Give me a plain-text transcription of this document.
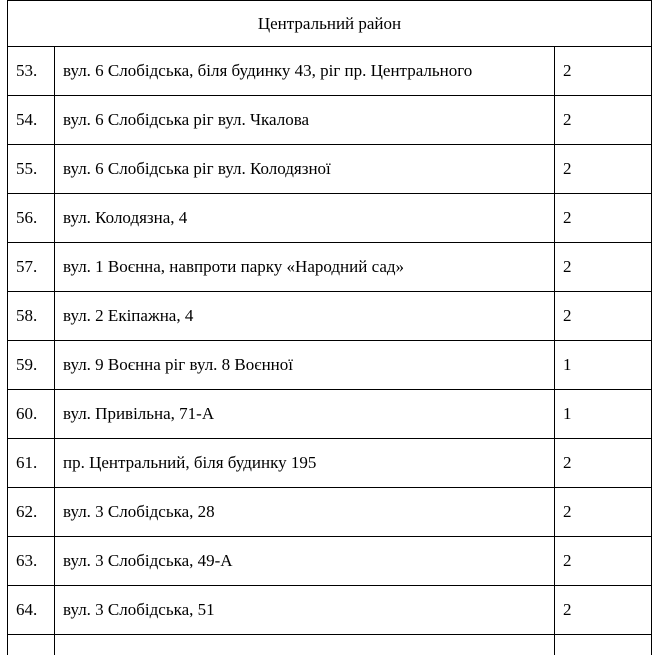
Центральний район		
53.	вул. 6 Слобідська, біля будинку 43, ріг пр. Центрального	2
54.	вул. 6 Слобідська ріг вул. Чкалова	2
55.	вул. 6 Слобідська ріг вул. Колодязної	2
56.	вул. Колодязна, 4	2
57.	вул. 1 Воєнна, навпроти парку «Народний сад»	2
58.	вул. 2 Екіпажна, 4	2
59.	вул. 9 Воєнна ріг вул. 8 Воєнної	1
60.	вул. Привільна, 71-А	1
61.	пр. Центральний, біля будинку 195	2
62.	вул. 3 Слобідська, 28	2
63.	вул. 3 Слобідська, 49-А	2
64.	вул. 3 Слобідська, 51	2
